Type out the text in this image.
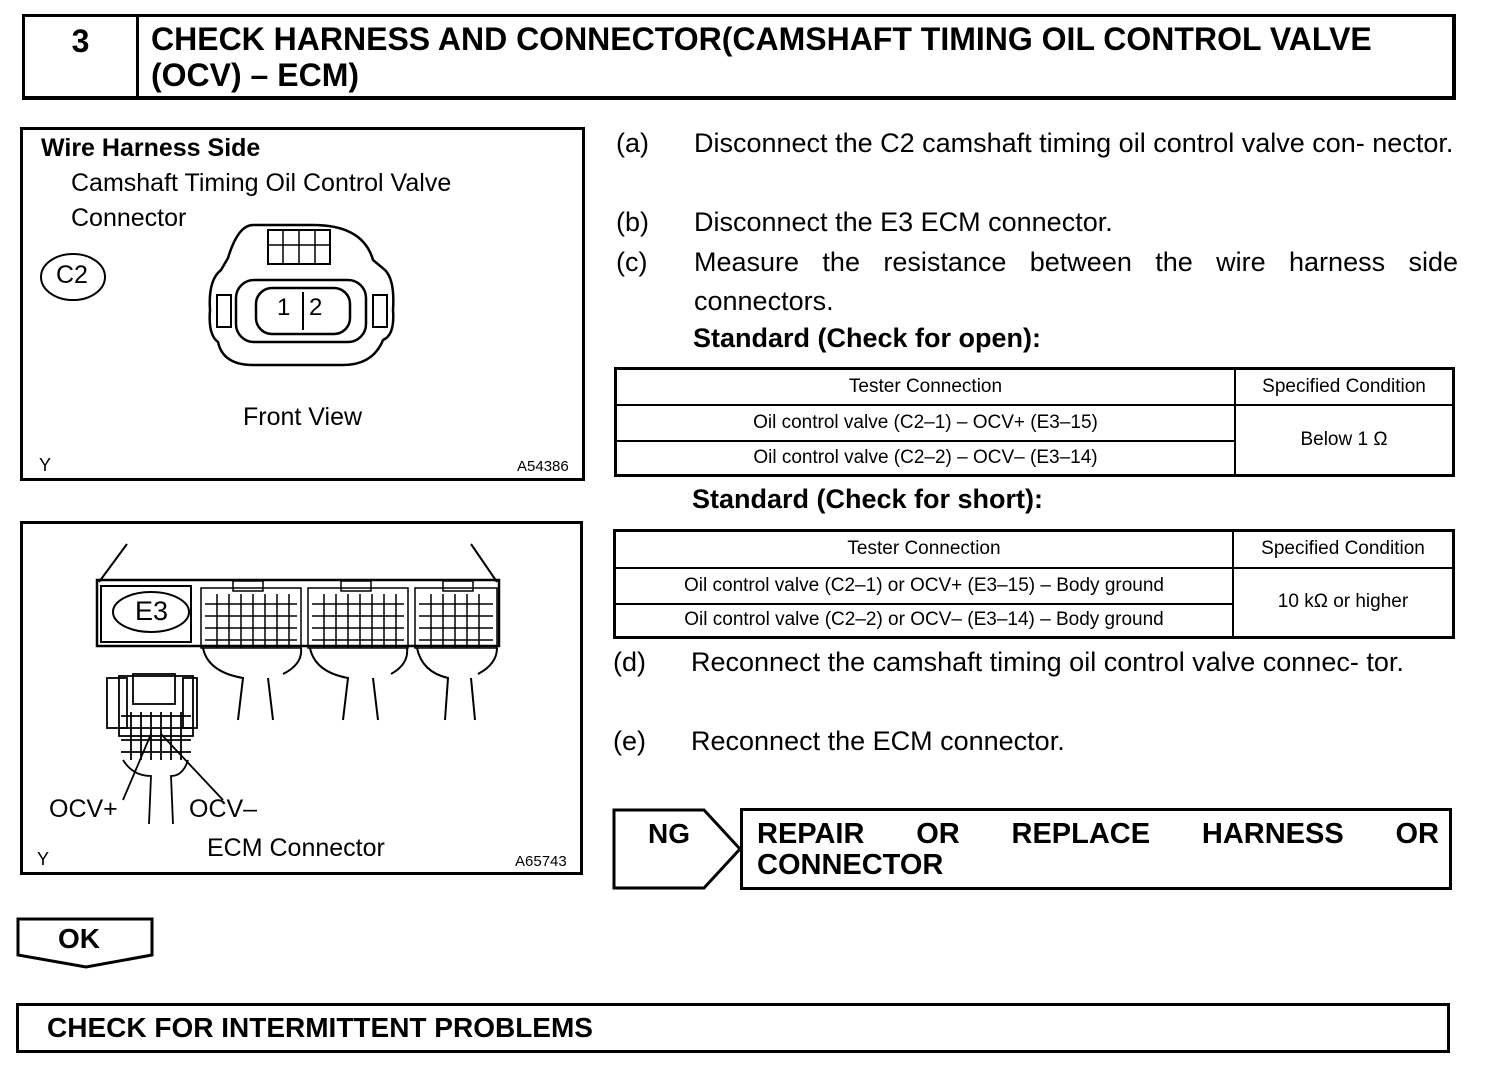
3	CHECK HARNESS AND CONNECTOR(CAMSHAFT TIMING OIL CONTROL VALVE (OCV) – ECM)
Wire Harness Side
Camshaft Timing Oil Control Valve
Connector
C2
1 2
Front View
Y	A54386
E3
OCV+	OCV–
ECM Connector
Y	A65743
(a) Disconnect the C2 camshaft timing oil control valve con- nector.
(b) Disconnect the E3 ECM connector.
(c) Measure the resistance between the wire harness side connectors.
Standard (Check for open):
Tester Connection	Specified Condition
Oil control valve (C2–1) – OCV+ (E3–15)	Below 1 Ω
Oil control valve (C2–2) – OCV– (E3–14)	
Standard (Check for short):
Tester Connection	Specified Condition
Oil control valve (C2–1) or OCV+ (E3–15) – Body ground	10 kΩ or higher
Oil control valve (C2–2) or OCV– (E3–14) – Body ground	
(d) Reconnect the camshaft timing oil control valve connec- tor.
(e) Reconnect the ECM connector.
NG REPAIR OR REPLACE HARNESS OR CONNECTOR
OK
CHECK FOR INTERMITTENT PROBLEMS
